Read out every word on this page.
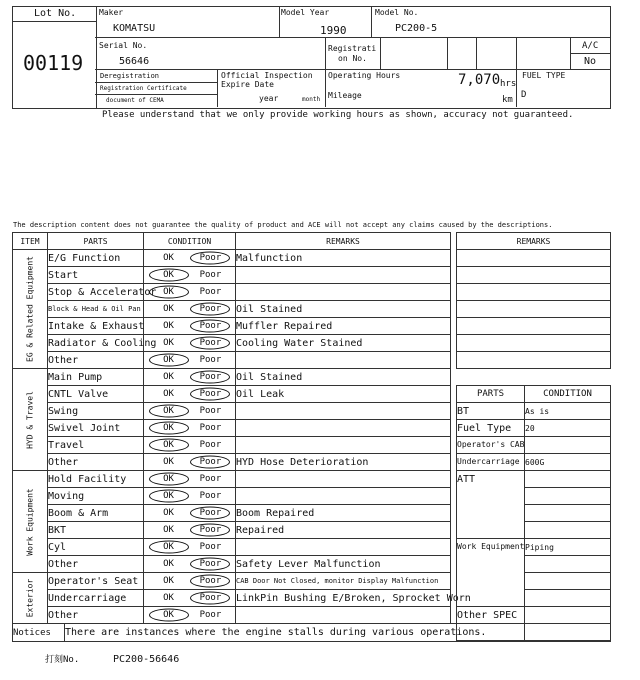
Lot No.
00119
Maker
KOMATSU
Model Year
1990
Model No.
PC200-5
Serial No.
56646
Registrati
on No.
A/C
No
Deregistration
Registration Certificate
document of CEMA
Official Inspection
Expire Date
year	month
Operating Hours	7,070 hrs
Mileage	km
FUEL TYPE
D
Please understand that we only provide working hours as shown, accuracy not guaranteed.
The description content does not guarantee the quality of product and ACE will not accept any claims caused by the descriptions.
ITEM	PARTS	CONDITION	REMARKS

EG & Related Equipment	E/G Function	OK Poor	Malfunction
	Start	OK Poor	

	Stop & Accelerator	OK Poor	

	Block & Head & Oil Pan	OK Poor	Oil Stained
	Intake & Exhaust	OK Poor	Muffler Repaired
	Radiator & Cooling	OK Poor	Cooling Water Stained
	Other	OK Poor	

HYD & Travel	Main Pump	OK Poor	Oil Stained
	CNTL Valve	OK Poor	Oil Leak
	Swing	OK Poor	

	Swivel Joint	OK Poor	

	Travel	OK Poor	

	Other	OK Poor	HYD Hose Deterioration

Work Equipment	Hold Facility	OK Poor	

	Moving	OK Poor	

	Boom & Arm	OK Poor	Boom Repaired
	BKT	OK Poor	Repaired
	Cyl	OK Poor	

	Other	OK Poor	Safety Lever Malfunction

Exterior	Operator's Seat	OK Poor	CAB Door Not Closed, monitor Display Malfunction
	Undercarriage	OK Poor	LinkPin Bushing E/Broken, Sprocket Worn
	Other	OK Poor	

REMARKS	

PARTS	CONDITION
BT	As is
Fuel Type	20
Operator's CAB	
Undercarriage	600G
ATT	

Work Equipment	Piping

Other SPEC	

Notices	There are instances where the engine stalls during various operations.
打刻No.	PC200-56646
